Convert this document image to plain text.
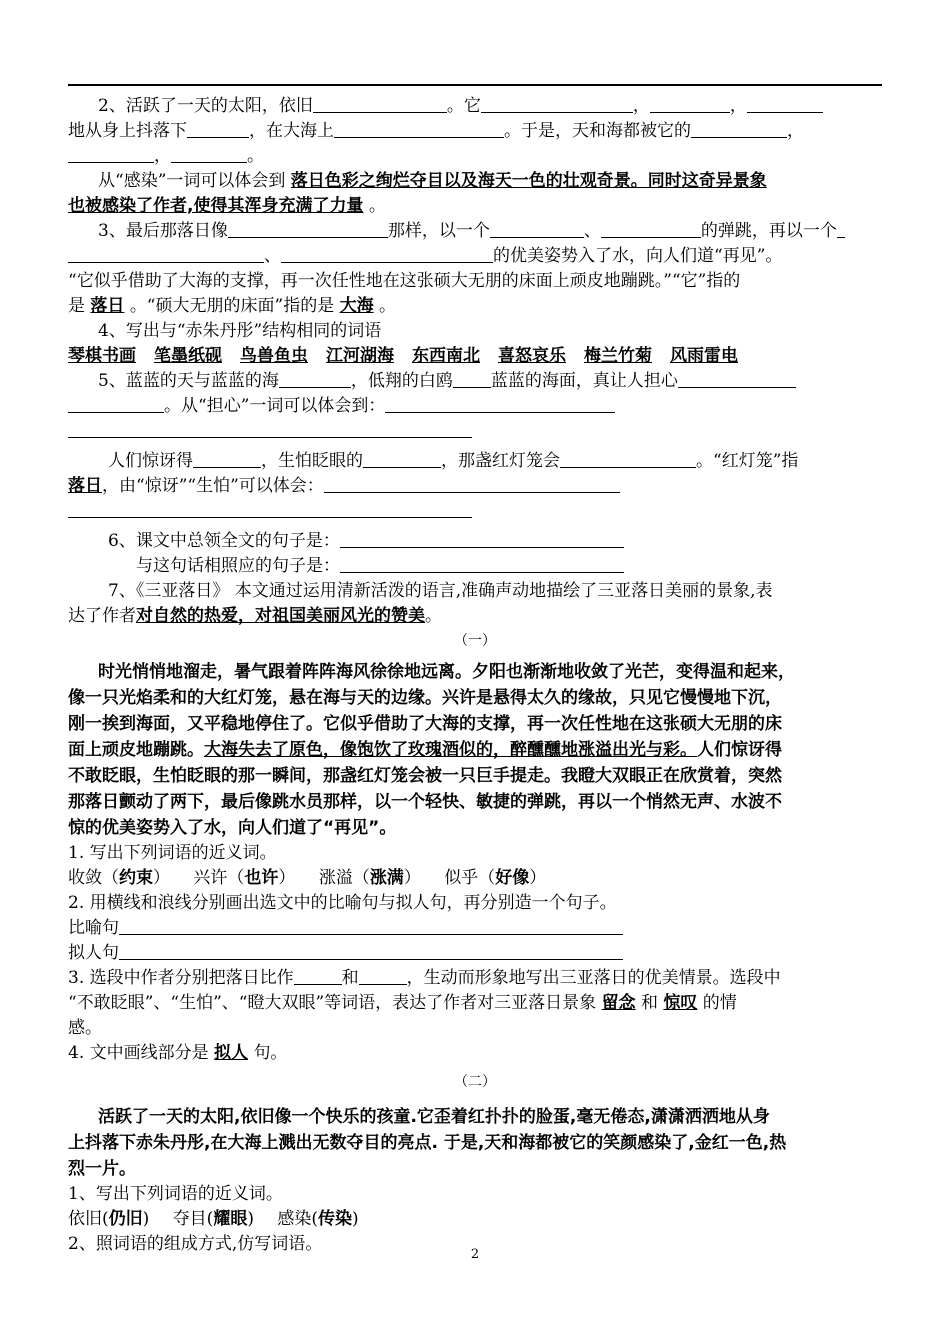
2、活跃了一天的太阳，依旧	。它	，	，
地从身上抖落下	，在大海上	。于是，天和海都被它的	，
，	。
从“感染”一词可以体会到 落日色彩之绚烂夺目以及海天一色的壮观奇景。同时这奇异景象
也被感染了作者,使得其浑身充满了力量 。
3、最后那落日像	那样，以一个	、	的弹跳，再以一个
、	的优美姿势入了水，向人们道“再见”。
“它似乎借助了大海的支撑，再一次任性地在这张硕大无朋的床面上顽皮地蹦跳。”“它”指的
是 落日 。“硕大无朋的床面”指的是 大海 。
4、写出与“赤朱丹彤”结构相同的词语
琴棋书画 笔墨纸砚 鸟兽鱼虫 江河湖海 东西南北 喜怒哀乐 梅兰竹菊 风雨雷电
5、蓝蓝的天与蓝蓝的海	，低翔的白鸥 蓝蓝的海面，真让人担心
。从“担心”一词可以体会到：
人们惊讶得	，生怕眨眼的	，那盏红灯笼会	。“红灯笼”指
落日，由“惊讶”“生怕”可以体会：
6、课文中总领全文的句子是：
与这句话相照应的句子是：
7、《三亚落日》 本文通过运用清新活泼的语言,准确声动地描绘了三亚落日美丽的景象,表
达了作者对自然的热爱，对祖国美丽风光的赞美。
（一）
时光悄悄地溜走，暑气跟着阵阵海风徐徐地远离。夕阳也渐渐地收敛了光芒，变得温和起来，
像一只光焰柔和的大红灯笼，悬在海与天的边缘。兴许是悬得太久的缘故，只见它慢慢地下沉，
刚一挨到海面，又平稳地停住了。它似乎借助了大海的支撑，再一次任性地在这张硕大无朋的床
面上顽皮地蹦跳。大海失去了原色，像饱饮了玫瑰酒似的，醉醺醺地涨溢出光与彩。人们惊讶得
不敢眨眼，生怕眨眼的那一瞬间，那盏红灯笼会被一只巨手提走。我瞪大双眼正在欣赏着，突然
那落日颤动了两下，最后像跳水员那样，以一个轻快、敏捷的弹跳，再以一个悄然无声、水波不
惊的优美姿势入了水，向人们道了“再见”。
1. 写出下列词语的近义词。
收敛（约束） 兴许（也许） 涨溢（涨满） 似乎（好像）
2. 用横线和浪线分别画出选文中的比喻句与拟人句，再分别造一个句子。
比喻句
拟人句
3. 选段中作者分别把落日比作	和	，生动而形象地写出三亚落日的优美情景。选段中
“不敢眨眼”、“生怕”、“瞪大双眼”等词语，表达了作者对三亚落日景象 留念 和 惊叹 的情
感。
4. 文中画线部分是 拟人 句。
（二）
活跃了一天的太阳,依旧像一个快乐的孩童.它歪着红扑扑的脸蛋,毫无倦态,潇潇洒洒地从身
上抖落下赤朱丹彤,在大海上溅出无数夺目的亮点. 于是,天和海都被它的笑颜感染了,金红一色,热
烈一片。
1、写出下列词语的近义词。
依旧(仍旧) 夺目(耀眼) 感染(传染)
2、照词语的组成方式,仿写词语。
2
